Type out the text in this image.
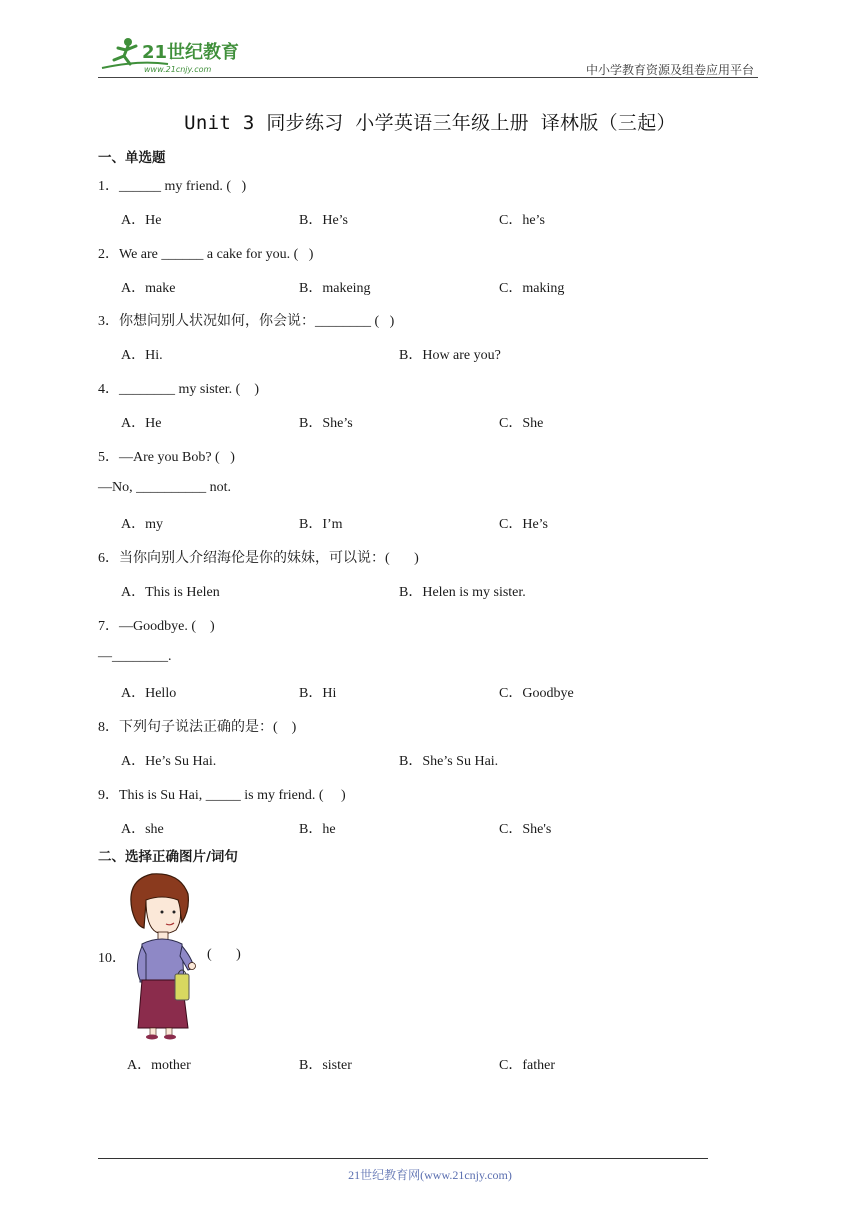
21世纪教育
www.21cnjy.com	中小学教育资源及组卷应用平台
Unit 3 同步练习 小学英语三年级上册 译林版（三起）
一、单选题
1．______ my friend. (   )
A．He	B．He’s	C．he’s
2．We are ______ a cake for you. (   )
A．make	B．makeing	C．making
3．你想问别人状况如何，你会说：________ (   )
A．Hi.	B．How are you?
4．________ my sister. (    )
A．He	B．She’s	C．She
5．—Are you Bob? (   )
—No, __________ not.
A．my	B．I’m	C．He’s
6．当你向别人介绍海伦是你的妹妹，可以说：(       )
A．This is Helen	B．Helen is my sister.
7．—Goodbye. (    )
—________.
A．Hello	B．Hi	C．Goodbye
8．下列句子说法正确的是：(    )
A．He’s Su Hai.	B．She’s Su Hai.
9．This is Su Hai, _____ is my friend. (     )
A．she	B．he	C．She's
二、选择正确图片/词句
10．	(       )
A．mother	B．sister	C．father
21世纪教育网(www.21cnjy.com)
